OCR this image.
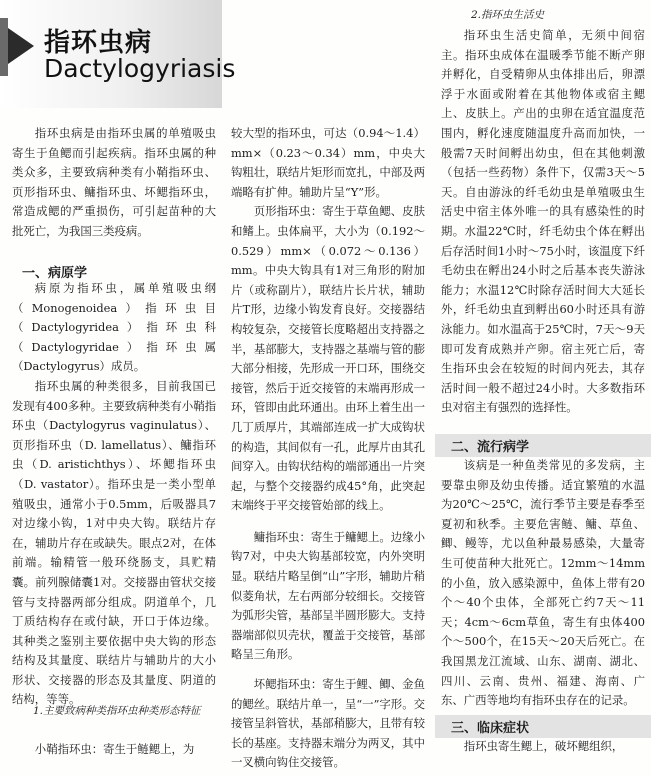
指环虫病
Dactylogyriasis

指环虫病是由指环虫属的单殖吸虫寄生于鱼鳃而引起疾病。指环虫属的种类众多，主要致病种类有小鞘指环虫、页形指环虫、鳙指环虫、坏鳃指环虫，常造成鳃的严重损伤，可引起苗种的大批死亡，为我国三类疫病。

一、病原学

病原为指环虫，属单殖吸虫纲（Monogenoidea）指环虫目（Dactylogyridea）指环虫科（Dactylogyridae）指环虫属（Dactylogyrus）成员。

指环虫属的种类很多，目前我国已发现有400多种。主要致病种类有小鞘指环虫（Dactylogyrus vaginulatus）、页形指环虫（D. lamellatus）、鳙指环虫（D. aristichthys）、坏鳃指环虫（D. vastator）。指环虫是一类小型单殖吸虫，通常小于0.5mm，后吸器具7对边缘小钩，1对中央大钩。联结片存在，辅助片存在或缺失。眼点2对，在体前端。输精管一般环绕肠支，具贮精囊。前列腺储囊1对。交接器由管状交接管与支持器两部分组成。阴道单个，几丁质结构存在或付缺，开口于体边缘。其种类之鉴别主要依据中央大钩的形态结构及其量度、联结片与辅助片的大小形状、交接器的形态及其量度、阴道的结构，等等。

1.主要致病种类指环虫种类形态特征

小鞘指环虫：寄生于鲢鳃上，为

较大型的指环虫，可达（0.94～1.4）mm×（0.23～0.34）mm，中央大钩粗壮，联结片矩形而宽扎，中部及两端略有扩伸。辅助片呈“Y”形。

页形指环虫：寄生于草鱼鳃、皮肤和鳍上。虫体扁平，大小为（0.192～0.529）mm×（0.072～0.136）mm。中央大钩具有1对三角形的附加片（或称副片），联结片长片状，辅助片T形，边缘小钩发育良好。交接器结构较复杂，交接管长度略超出支持器之半，基部膨大，支持器之基端与管的膨大部分相接，先形成一开口环，围绕交接管，然后于近交接管的末端再形成一环，管即由此环通出。由环上着生出一几丁质厚片，其端部连成一扩大成钩状的构造，其间似有一孔，此厚片由其孔间穿入。由钩状结构的端部通出一片突起，与整个交接器约成45°角，此突起末端终于平交接管始部的线上。

鳙指环虫：寄生于鳙鳃上。边缘小钩7对，中央大钩基部较宽，内外突明显。联结片略呈倒“山”字形，辅助片稍似菱角状，左右两部分较细长。交接管为弧形尖管，基部呈半圆形膨大。支持器端部似贝壳状，覆盖于交接管，基部略呈三角形。

坏鳃指环虫：寄生于鲤、鲫、金鱼的鳃丝。联结片单一，呈“一”字形。交接管呈斜管状，基部稍膨大，且带有较长的基座。支持器末端分为两叉，其中一叉横向钩住交接管。

2.指环虫生活史

指环虫生活史简单，无须中间宿主。指环虫成体在温暖季节能不断产卵并孵化，自受精卵从虫体排出后，卵漂浮于水面或附着在其他物体或宿主鳃上、皮肤上。产出的虫卵在适宜温度范围内，孵化速度随温度升高而加快，一般需7天时间孵出幼虫，但在其他刺激（包括一些药物）条件下，仅需3天～5天。自由游泳的纤毛幼虫是单殖吸虫生活史中宿主体外唯一的具有感染性的时期。水温22℃时，纤毛幼虫个体在孵出后存活时间1小时～75小时，该温度下纤毛幼虫在孵出24小时之后基本丧失游泳能力；水温12℃时除存活时间大大延长外，纤毛幼虫直到孵出60小时还具有游泳能力。如水温高于25℃时，7天～9天即可发育成熟并产卵。宿主死亡后，寄生指环虫会在较短的时间内死去，其存活时间一般不超过24小时。大多数指环虫对宿主有强烈的选择性。

二、流行病学

该病是一种鱼类常见的多发病，主要靠虫卵及幼虫传播。适宜繁殖的水温为20℃～25℃，流行季节主要是春季至夏初和秋季。主要危害鲢、鳙、草鱼、鲫、鳗等，尤以鱼种最易感染，大量寄生可使苗种大批死亡。12mm～14mm的小鱼，放入感染源中，鱼体上带有20个～40个虫体，全部死亡约7天～11天；4cm～6cm草鱼，寄生有虫体400个～500个，在15天～20天后死亡。在我国黑龙江流域、山东、湖南、湖北、四川、云南、贵州、福建、海南、广东、广西等地均有指环虫存在的记录。

三、临床症状

指环虫寄生鳃上，破坏鳃组织，
